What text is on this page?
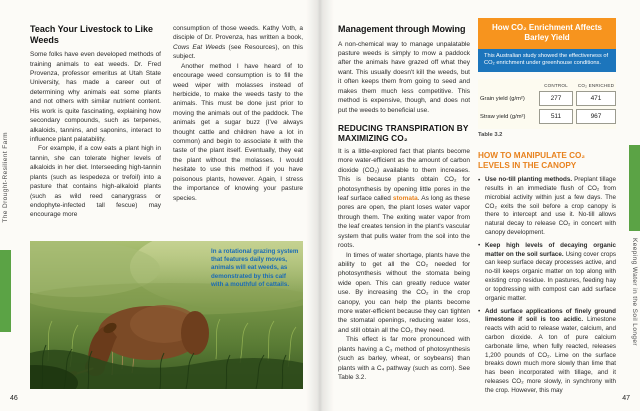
The Drought-Resilient Farm
Teach Your Livestock to Like Weeds

Some folks have even developed methods of training animals to eat weeds. Dr. Fred Provenza, professor emeritus at Utah State University, has made a career out of determining why animals eat some plants and not others with similar nutrient content. His work is quite fascinating, explaining how secondary compounds, such as terpenes, alkaloids, tannins, and saponins, interact to influence plant palatability.

For example, if a cow eats a plant high in tannin, she can tolerate higher levels of alkaloids in her diet. Interseeding high-tannin plants (such as lespedeza or trefoil) into a pasture that contains high-alkaloid plants (such as wild reed canarygrass or endophyte-infected tall fescue) may encourage more

consumption of those weeds. Kathy Voth, a disciple of Dr. Provenza, has written a book, Cows Eat Weeds (see Resources), on this subject.

Another method I have heard of to encourage weed consumption is to fill the weed wiper with molasses instead of herbicide, to make the weeds tasty to the animals. This must be done just prior to moving the animals out of the paddock. The animals get a sugar buzz (I've always thought cattle and children have a lot in common) and begin to associate it with the taste of the plant itself. Eventually, they eat the plant without the molasses. I would hesitate to use this method if you have poisonous plants, however. Again, I stress the importance of knowing your pasture species.

In a rotational grazing system that features daily moves, animals will eat weeds, as demonstrated by this calf with a mouthful of cattails.
46
Keeping Water in the Soil Longer
Management through Mowing

A non-chemical way to manage unpalatable pasture weeds is simply to mow a paddock after the animals have grazed off what they want. This usually doesn't kill the weeds, but it often keeps them from going to seed and makes them much less competitive. This method is expensive, though, and does not put the weeds to beneficial use.

REDUCING TRANSPIRATION BY MAXIMIZING CO₂

It is a little-explored fact that plants become more water-efficient as the amount of carbon dioxide (CO₂) available to them increases. This is because plants obtain CO₂ for photosynthesis by opening little pores in the leaf surface called stomata. As long as these pores are open, the plant loses water vapor through them. The exiting water vapor from the leaf creates tension in the plant's vascular system that pulls water from the soil into the roots.

In times of water shortage, plants have the ability to get all the CO₂ needed for photosynthesis without the stomata being wide open. This can greatly reduce water use. By increasing the CO₂ in the crop canopy, you can help the plants become more water-efficient because they can tighten the stomatal openings, reducing water loss, and still obtain all the CO₂ they need.

This effect is far more pronounced with plants having a C₃ method of photosynthesis (such as barley, wheat, or soybeans) than plants with a C₄ pathway (such as corn). See Table 3.2.

How CO₂ Enrichment Affects Barley Yield
This Australian study showed the effectiveness of CO₂ enrichment under greenhouse conditions.
CONTROL	CO₂ ENRICHED
Grain yield (g/m²)	277	471
Straw yield (g/m²)	511	967
Table 3.2
HOW TO MANIPULATE CO₂ LEVELS IN THE CANOPY
• Use no-till planting methods. Preplant tillage results in an immediate flush of CO₂ from microbial activity within just a few days. The CO₂ exits the soil before a crop canopy is there to intercept and use it. No-till allows natural decay to release CO₂ in concert with canopy development.
• Keep high levels of decaying organic matter on the soil surface. Using cover crops can keep surface decay processes active, and no-till keeps organic matter on top along with existing crop residue. In pastures, feeding hay or topdressing with compost can add surface organic matter.
• Add surface applications of finely ground limestone if soil is too acidic. Limestone reacts with acid to release water, calcium, and carbon dioxide. A ton of pure calcium carbonate lime, when fully reacted, releases 1,200 pounds of CO₂. Lime on the surface breaks down much more slowly than lime that has been incorporated with tillage, and it releases CO₂ more slowly, in synchrony with the crop. However, this may
47
